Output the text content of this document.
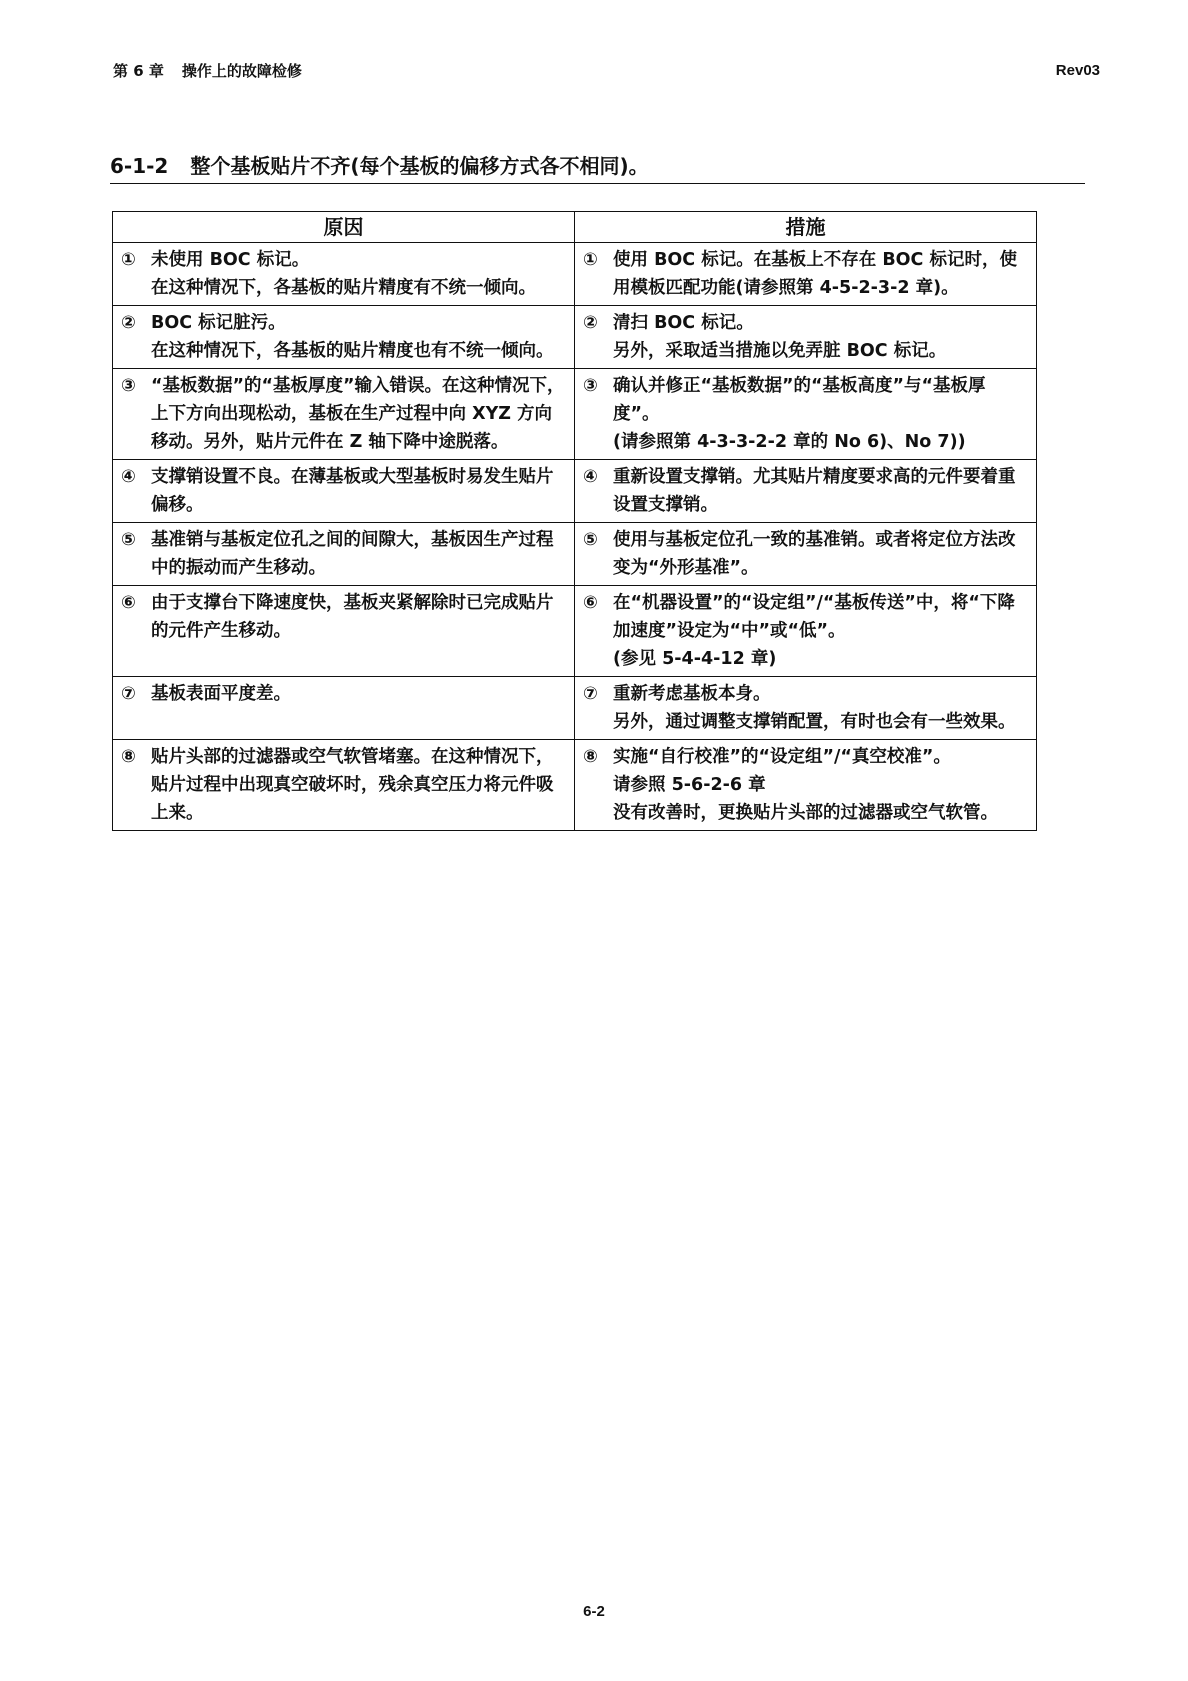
第 6 章 操作上的故障检修	Rev03
6-1-2 整个基板贴片不齐(每个基板的偏移方式各不相同)。
原因	措施

① 未使用 BOC 标记。
在这种情况下，各基板的贴片精度有不统一倾向。	① 使用 BOC 标记。在基板上不存在 BOC 标记时，使用模板匹配功能(请参照第 4-5-2-3-2 章)。

② BOC 标记脏污。
在这种情况下，各基板的贴片精度也有不统一倾向。	② 清扫 BOC 标记。
另外，采取适当措施以免弄脏 BOC 标记。

③ “基板数据”的“基板厚度”输入错误。在这种情况下，上下方向出现松动，基板在生产过程中向 XYZ 方向移动。另外，贴片元件在 Z 轴下降中途脱落。	③ 确认并修正“基板数据”的“基板高度”与“基板厚度”。
(请参照第 4-3-3-2-2 章的 No 6)、No 7))

④ 支撑销设置不良。在薄基板或大型基板时易发生贴片偏移。	④ 重新设置支撑销。尤其贴片精度要求高的元件要着重设置支撑销。

⑤ 基准销与基板定位孔之间的间隙大，基板因生产过程中的振动而产生移动。	⑤ 使用与基板定位孔一致的基准销。或者将定位方法改变为“外形基准”。

⑥ 由于支撑台下降速度快，基板夹紧解除时已完成贴片的元件产生移动。	⑥ 在“机器设置”的“设定组”/“基板传送”中，将“下降加速度”设定为“中”或“低”。
(参见 5-4-4-12 章)

⑦ 基板表面平度差。	⑦ 重新考虑基板本身。
另外，通过调整支撑销配置，有时也会有一些效果。

⑧ 贴片头部的过滤器或空气软管堵塞。在这种情况下，贴片过程中出现真空破坏时，残余真空压力将元件吸上来。	⑧ 实施“自行校准”的“设定组”/“真空校准”。
请参照 5-6-2-6 章
没有改善时，更换贴片头部的过滤器或空气软管。
6-2
